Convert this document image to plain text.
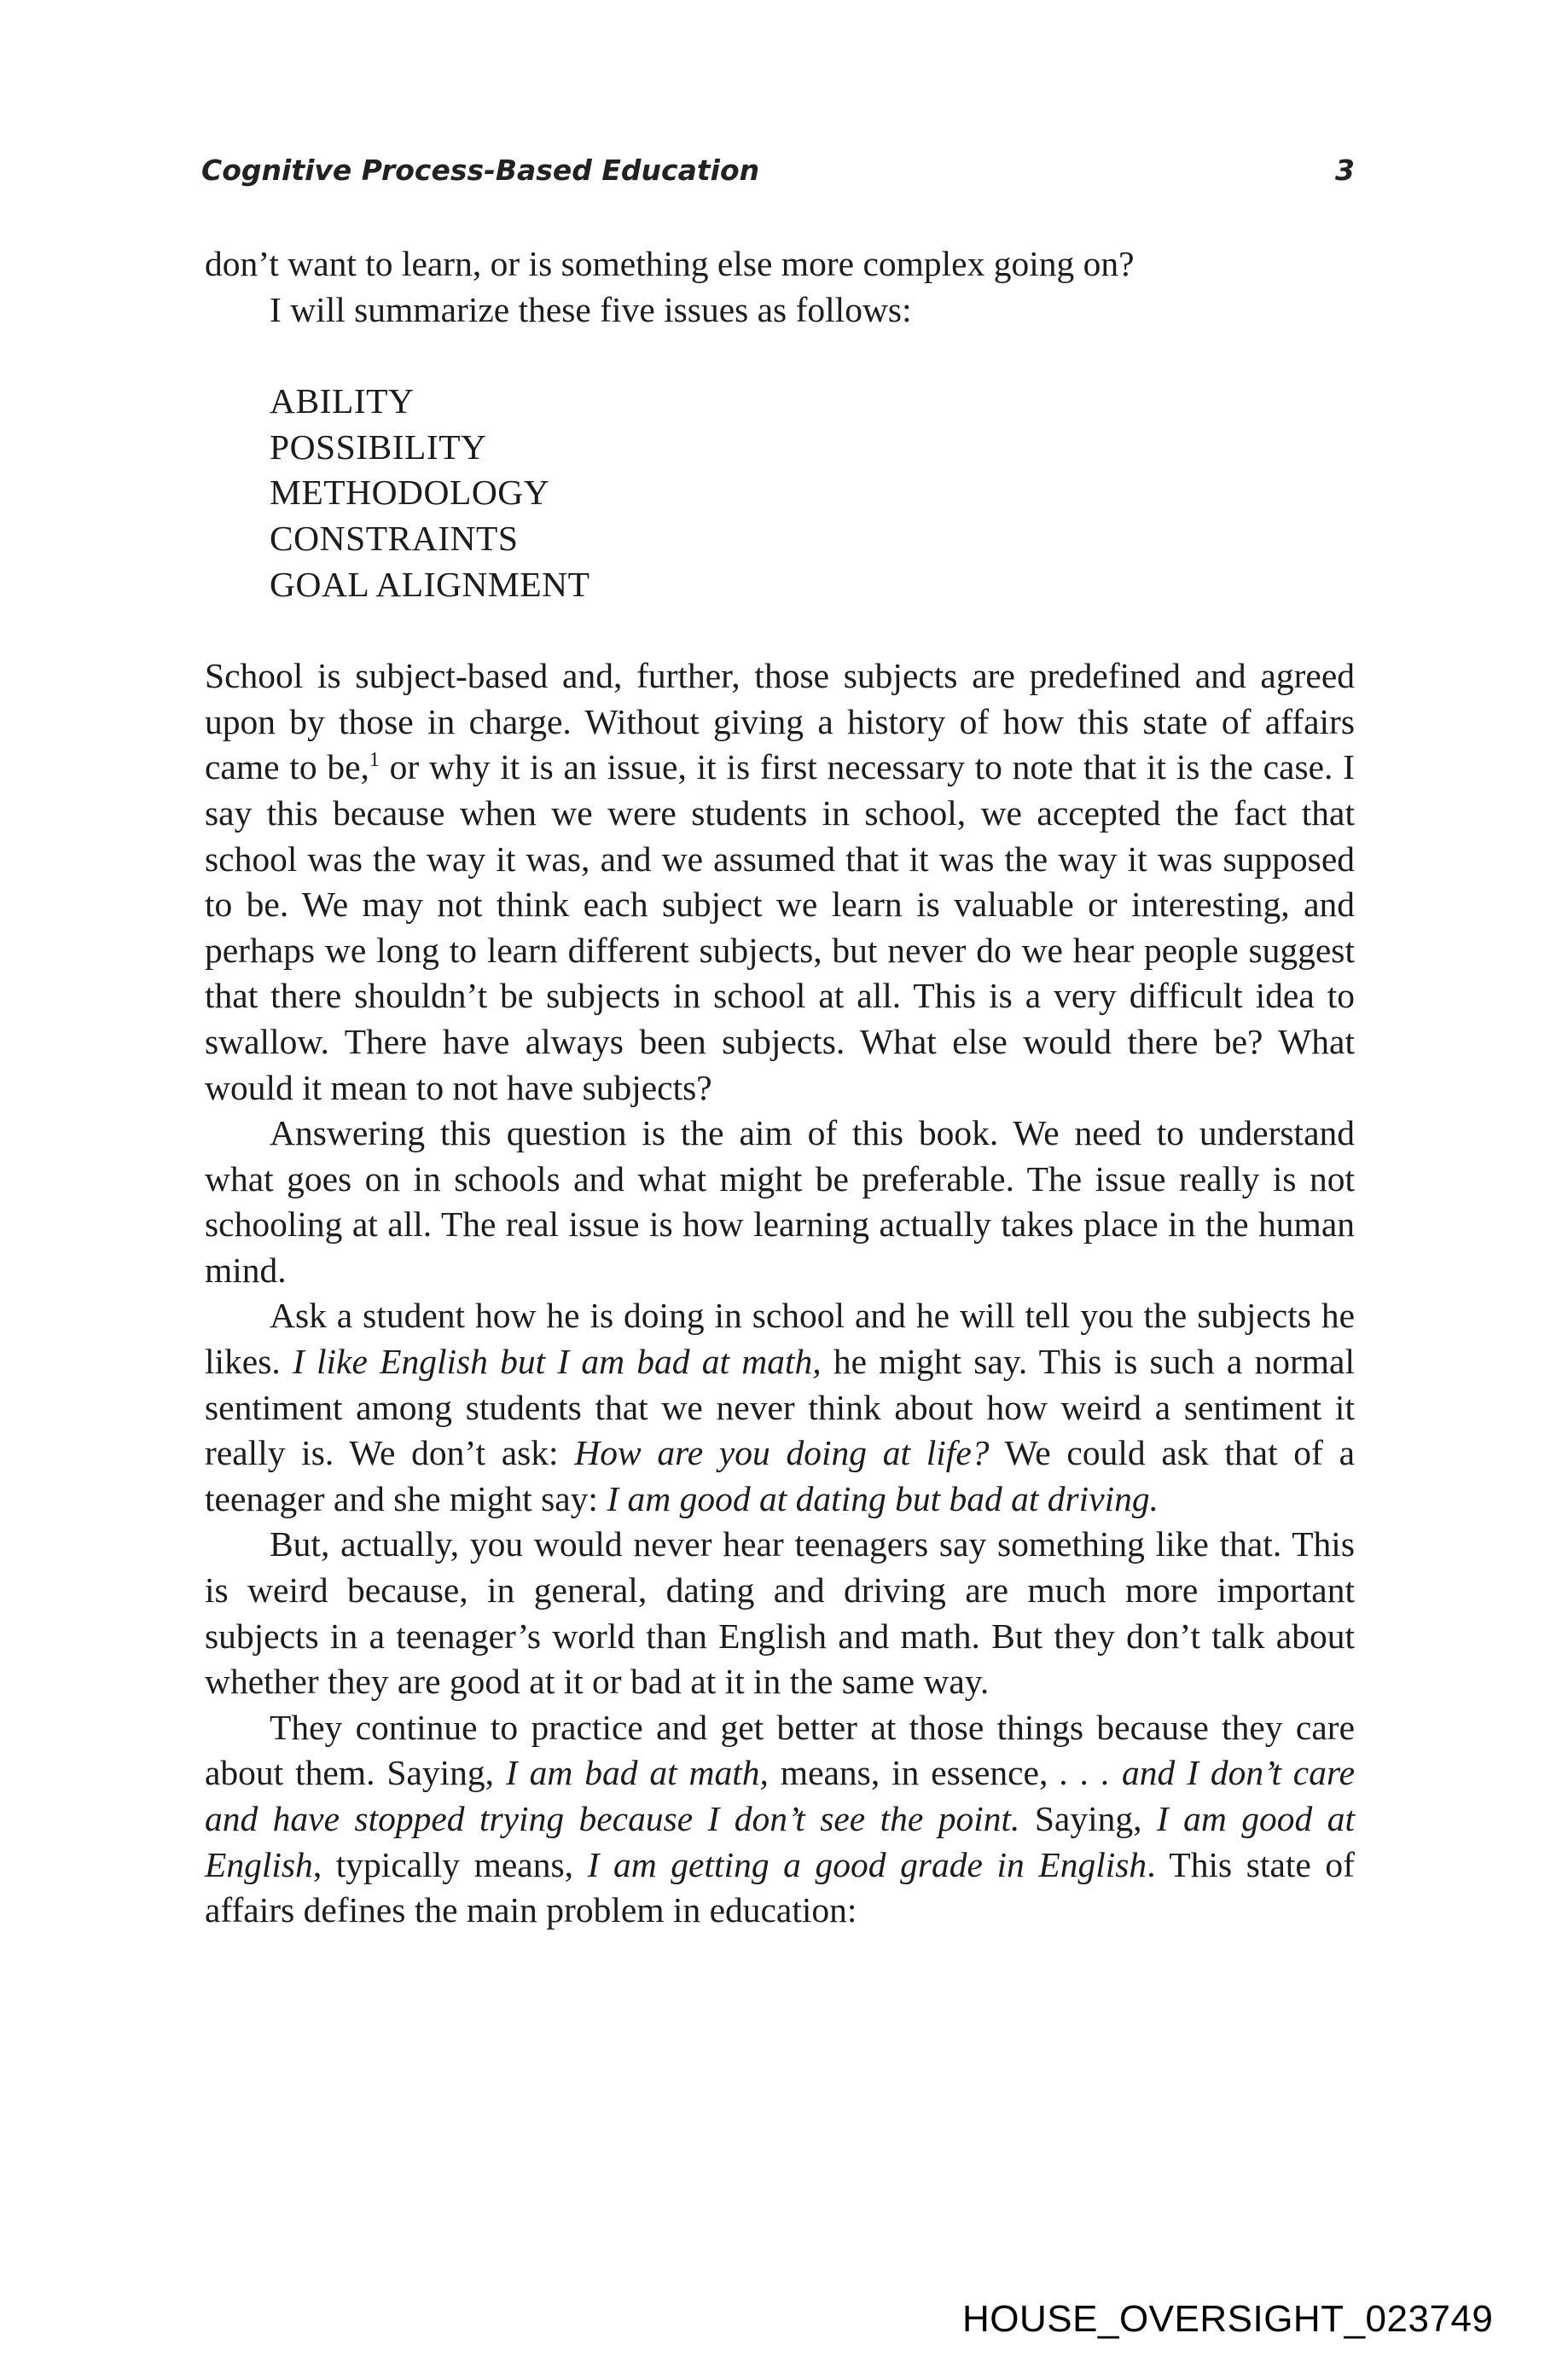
Cognitive Process-Based Education	3

don’t want to learn, or is something else more complex going on?

I will summarize these five issues as follows:

ABILITY
POSSIBILITY
METHODOLOGY
CONSTRAINTS
GOAL ALIGNMENT

School is subject-based and, further, those subjects are predefined and agreed upon by those in charge. Without giving a history of how this state of affairs came to be,$^1$ or why it is an issue, it is first necessary to note that it is the case. I say this because when we were students in school, we accepted the fact that school was the way it was, and we assumed that it was the way it was supposed to be. We may not think each subject we learn is valuable or interesting, and perhaps we long to learn different subjects, but never do we hear people suggest that there shouldn’t be subjects in school at all. This is a very difficult idea to swallow. There have always been subjects. What else would there be? What would it mean to not have subjects?

Answering this question is the aim of this book. We need to understand what goes on in schools and what might be preferable. The issue really is not schooling at all. The real issue is how learning actually takes place in the human mind.

Ask a student how he is doing in school and he will tell you the subjects he likes. I like English but I am bad at math, he might say. This is such a normal sentiment among students that we never think about how weird a sentiment it really is. We don’t ask: How are you doing at life? We could ask that of a teenager and she might say: I am good at dating but bad at driving.

But, actually, you would never hear teenagers say something like that. This is weird because, in general, dating and driving are much more important subjects in a teenager’s world than English and math. But they don’t talk about whether they are good at it or bad at it in the same way.

They continue to practice and get better at those things because they care about them. Saying, I am bad at math, means, in essence, . . . and I don’t care and have stopped trying because I don’t see the point. Saying, I am good at English, typically means, I am getting a good grade in English. This state of affairs defines the main problem in education:

HOUSE_OVERSIGHT_023749
